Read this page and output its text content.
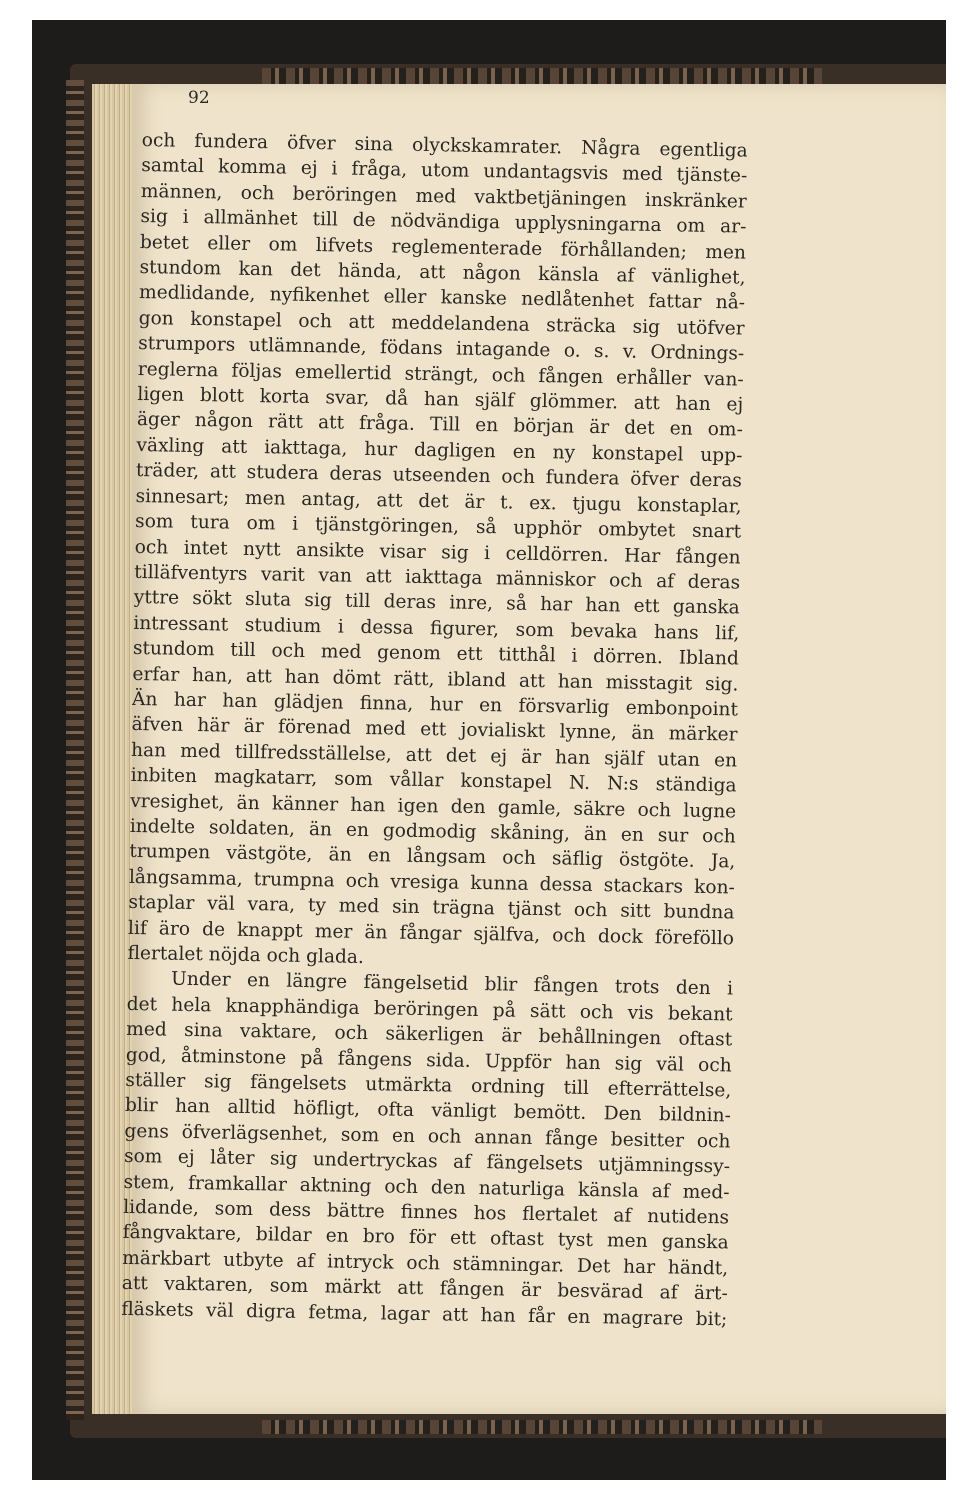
92

och fundera öfver sina olyckskamrater. Några egentliga
samtal komma ej i fråga, utom undantagsvis med tjänste-
männen, och beröringen med vaktbetjäningen inskränker
sig i allmänhet till de nödvändiga upplysningarna om ar-
betet eller om lifvets reglementerade förhållanden; men
stundom kan det hända, att någon känsla af vänlighet,
medlidande, nyfikenhet eller kanske nedlåtenhet fattar nå-
gon konstapel och att meddelandena sträcka sig utöfver
strumpors utlämnande, födans intagande o. s. v. Ordnings-
reglerna följas emellertid strängt, och fången erhåller van-
ligen blott korta svar, då han själf glömmer. att han ej
äger någon rätt att fråga. Till en början är det en om-
växling att iakttaga, hur dagligen en ny konstapel upp-
träder, att studera deras utseenden och fundera öfver deras
sinnesart; men antag, att det är t. ex. tjugu konstaplar,
som tura om i tjänstgöringen, så upphör ombytet snart
och intet nytt ansikte visar sig i celldörren. Har fången
tilläfventyrs varit van att iakttaga människor och af deras
yttre sökt sluta sig till deras inre, så har han ett ganska
intressant studium i dessa figurer, som bevaka hans lif,
stundom till och med genom ett titthål i dörren. Ibland
erfar han, att han dömt rätt, ibland att han misstagit sig.
Än har han glädjen finna, hur en försvarlig embonpoint
äfven här är förenad med ett jovialiskt lynne, än märker
han med tillfredsställelse, att det ej är han själf utan en
inbiten magkatarr, som vållar konstapel N. N:s ständiga
vresighet, än känner han igen den gamle, säkre och lugne
indelte soldaten, än en godmodig skåning, än en sur och
trumpen västgöte, än en långsam och säflig östgöte. Ja,
långsamma, trumpna och vresiga kunna dessa stackars kon-
staplar väl vara, ty med sin trägna tjänst och sitt bundna
lif äro de knappt mer än fångar själfva, och dock föreföllo
flertalet nöjda och glada.
Under en längre fängelsetid blir fången trots den i
det hela knapphändiga beröringen på sätt och vis bekant
med sina vaktare, och säkerligen är behållningen oftast
god, åtminstone på fångens sida. Uppför han sig väl och
ställer sig fängelsets utmärkta ordning till efterrättelse,
blir han alltid höfligt, ofta vänligt bemött. Den bildnin-
gens öfverlägsenhet, som en och annan fånge besitter och
som ej låter sig undertryckas af fängelsets utjämningssy-
stem, framkallar aktning och den naturliga känsla af med-
lidande, som dess bättre finnes hos flertalet af nutidens
fångvaktare, bildar en bro för ett oftast tyst men ganska
märkbart utbyte af intryck och stämningar. Det har händt,
att vaktaren, som märkt att fången är besvärad af ärt-
fläskets väl digra fetma, lagar att han får en magrare bit;
